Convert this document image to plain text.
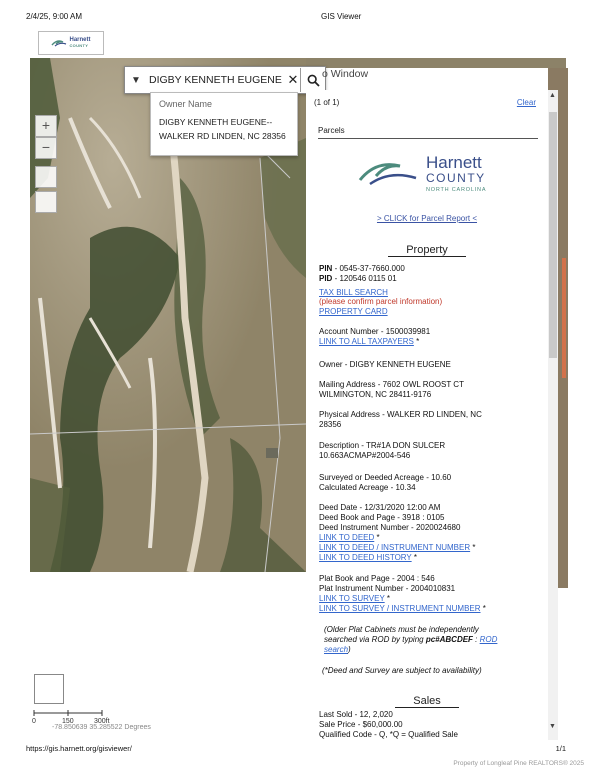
2/4/25, 9:00 AM	GIS Viewer
Harnett
COUNTY
+
−
▼
DIGBY KENNETH EUGENE	✕
Owner Name
DIGBY KENNETH EUGENE--
WALKER RD LINDEN, NC 28356
o Window
(1 of 1)	Clear
Parcels
Harnett
COUNTY
NORTH CAROLINA
> CLICK for Parcel Report <
Property
PIN - 0545-37-7660.000
PID - 120546 0115 01
TAX BILL SEARCH
(please confirm parcel information)
PROPERTY CARD
Account Number - 1500039981
LINK TO ALL TAXPAYERS *
Owner - DIGBY KENNETH EUGENE
Mailing Address - 7602 OWL ROOST CT
WILMINGTON, NC 28411-9176
Physical Address - WALKER RD LINDEN, NC
28356
Description - TR#1A DON SULCER
10.663ACMAP#2004-546
Surveyed or Deeded Acreage - 10.60
Calculated Acreage - 10.34
Deed Date - 12/31/2020 12:00 AM
Deed Book and Page - 3918 : 0105
Deed Instrument Number - 2020024680
LINK TO DEED *
LINK TO DEED / INSTRUMENT NUMBER *
LINK TO DEED HISTORY *
Plat Book and Page - 2004 : 546
Plat Instrument Number - 2004010831
LINK TO SURVEY *
LINK TO SURVEY / INSTRUMENT NUMBER *
(Older Plat Cabinets must be independently
searched via ROD by typing pc#ABCDEF : ROD
search)
(*Deed and Survey are subject to availability)
Sales
Last Sold - 12, 2,020
Sale Price - $60,000.00
Qualified Code - Q, *Q = Qualified Sale
▲
▼
0	150	300ft
-78.850639 35.285522 Degrees
https://gis.harnett.org/gisviewer/	1/1
Property of Longleaf Pine REALTORS® 2025
